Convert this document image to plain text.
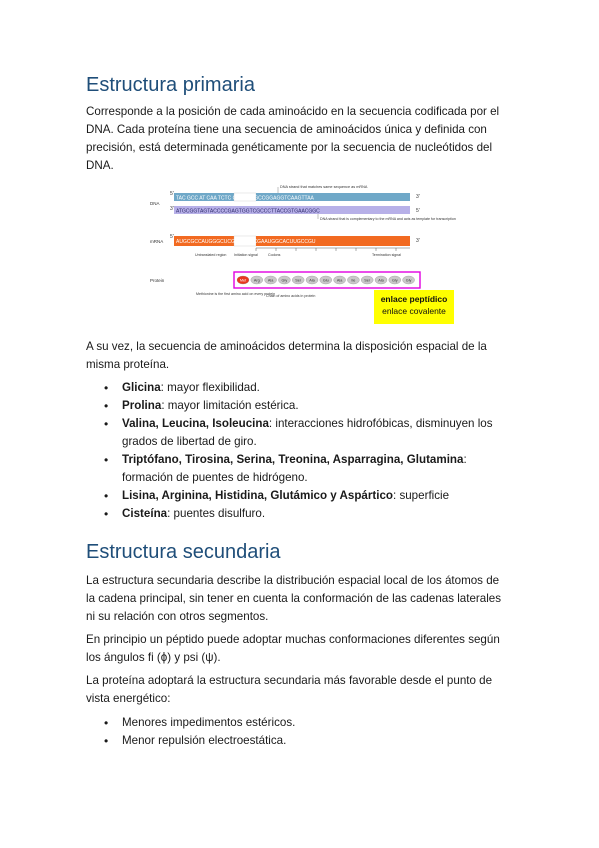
Estructura primaria

Corresponde a la posición de cada aminoácido en la secuencia codificada por el
DNA. Cada proteína tiene una secuencia de aminoácidos única y definida con
precisión, está determinada genéticamente por la secuencia de nucleótidos del
DNA.

5'
TAC GCC AT CAA TCTC GGCCTCGCCGGAGGTCAAGTTAA	3'
DNA strand that matches same sequence as mRNA
DNA
3' ATGCGGTAGTACCCCGAGTGGTCGCCCTTACCGTGAACGGC	5'
DNA strand that is complementary to the mRNA and acts as template for transcription
5'
mRNA	AUGCGCCAUGGGCUCGGCCGCCGAAUGGCACUUGCCGU	3'
Untranslated region Initiation signal	Codons	Termination signal
Protein	Met Arg Ala Gly Ser Ala Glu Ala Ile Ser Ala Gly Gly
Methionine is the first amino acid on every protein
Chain of amino acids in protein	enlace peptídico
enlace covalente

A su vez, la secuencia de aminoácidos determina la disposición espacial de la
misma proteína.

• Glicina: mayor flexibilidad.
• Prolina: mayor limitación estérica.
• Valina, Leucina, Isoleucina: interacciones hidrofóbicas, disminuyen los
grados de libertad de giro.
• Triptófano, Tirosina, Serina, Treonina, Asparragina, Glutamina:
formación de puentes de hidrógeno.
• Lisina, Arginina, Histidina, Glutámico y Aspártico: superficie
• Cisteína: puentes disulfuro.
Estructura secundaria

La estructura secundaria describe la distribución espacial local de los átomos de
la cadena principal, sin tener en cuenta la conformación de las cadenas laterales
ni su relación con otros segmentos.

En principio un péptido puede adoptar muchas conformaciones diferentes según
los ángulos fi (ϕ) y psi (ψ).

La proteína adoptará la estructura secundaria más favorable desde el punto de
vista energético:

• Menores impedimentos estéricos.
• Menor repulsión electroestática.
